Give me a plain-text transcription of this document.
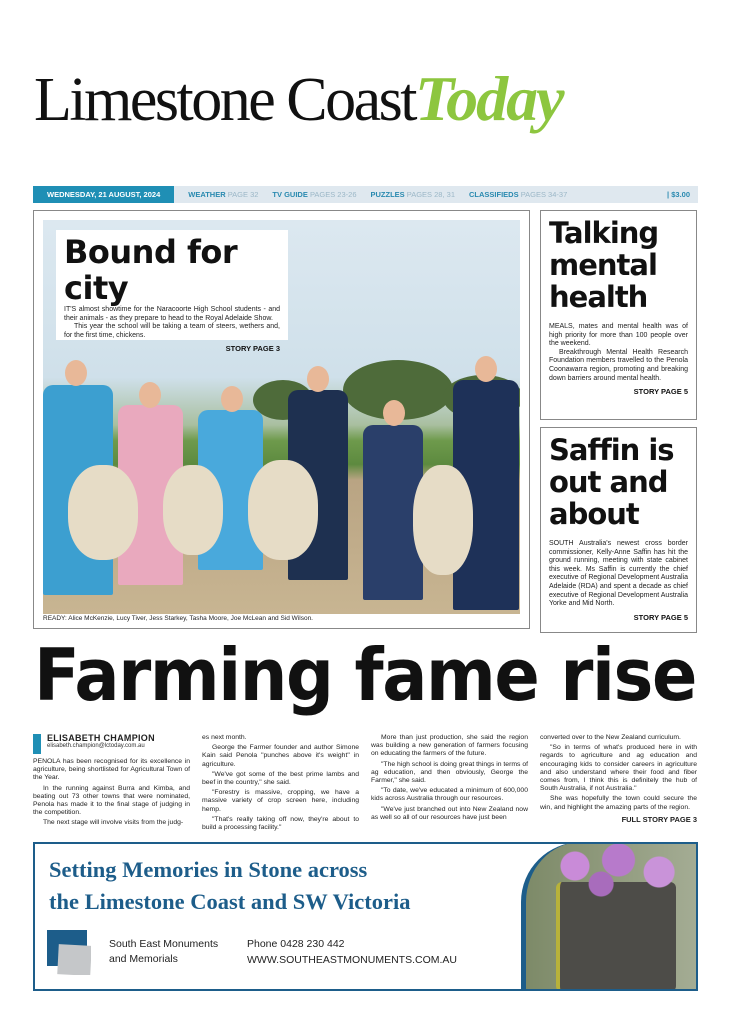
Limestone CoastToday
WEDNESDAY, 21 AUGUST, 2024	WEATHER PAGE 32 TV GUIDE PAGES 23-26 PUZZLES PAGES 28, 31 CLASSIFIEDS PAGES 34-37	| $3.00
Bound for city

IT'S almost showtime for the Naracoorte High School students - and their animals - as they prepare to head to the Royal Adelaide Show.

This year the school will be taking a team of steers, wethers and, for the first time, chickens.

STORY PAGE 3

READY: Alice McKenzie, Lucy Tiver, Jess Starkey, Tasha Moore, Joe McLean and Sid Wilson.
Talking mental health

MEALS, mates and mental health was of high priority for more than 100 people over the weekend.

Breakthrough Mental Health Research Foundation members travelled to the Penola Coonawarra region, promoting and breaking down barriers around mental health.

STORY PAGE 5

Saffin is out and about

SOUTH Australia's newest cross border commissioner, Kelly-Anne Saffin has hit the ground running, meeting with state cabinet this week. Ms Saffin is currently the chief executive of Regional Development Australia Adelaide (RDA) and spent a decade as chief executive of Regional Development Australia Yorke and Mid North.

STORY PAGE 5

Farming fame rise
ELISABETH CHAMPION
elisabeth.champion@lctoday.com.au

PENOLA has been recognised for its excellence in agriculture, being shortlisted for Agricultural Town of the Year.

In the running against Burra and Kimba, and beating out 73 other towns that were nominated, Penola has made it to the final stage of judging in the competition.

The next stage will involve visits from the judg-

es next month.

George the Farmer founder and author Simone Kain said Penola "punches above it's weight" in agriculture.

"We've got some of the best prime lambs and beef in the country," she said.

"Forestry is massive, cropping, we have a massive variety of crop screen here, including hemp.

"That's really taking off now, they're about to build a processing facility."

More than just production, she said the region was building a new generation of farmers focusing on educating the farmers of the future.

"The high school is doing great things in terms of ag education, and then obviously, George the Farmer," she said.

"To date, we've educated a minimum of 600,000 kids across Australia through our resources.

"We've just branched out into New Zealand now as well so all of our resources have just been

converted over to the New Zealand curriculum.

"So in terms of what's produced here in with regards to agriculture and ag education and encouraging kids to consider careers in agriculture and also understand where their food and fiber comes from, I think this is definitely the hub of South Australia, if not Australia."

She was hopefully the town could secure the win, and highlight the amazing parts of the region.

FULL STORY PAGE 3

Setting Memories in Stone across
the Limestone Coast and SW Victoria
South East Monuments
and Memorials
Phone 0428 230 442
WWW.SOUTHEASTMONUMENTS.COM.AU
